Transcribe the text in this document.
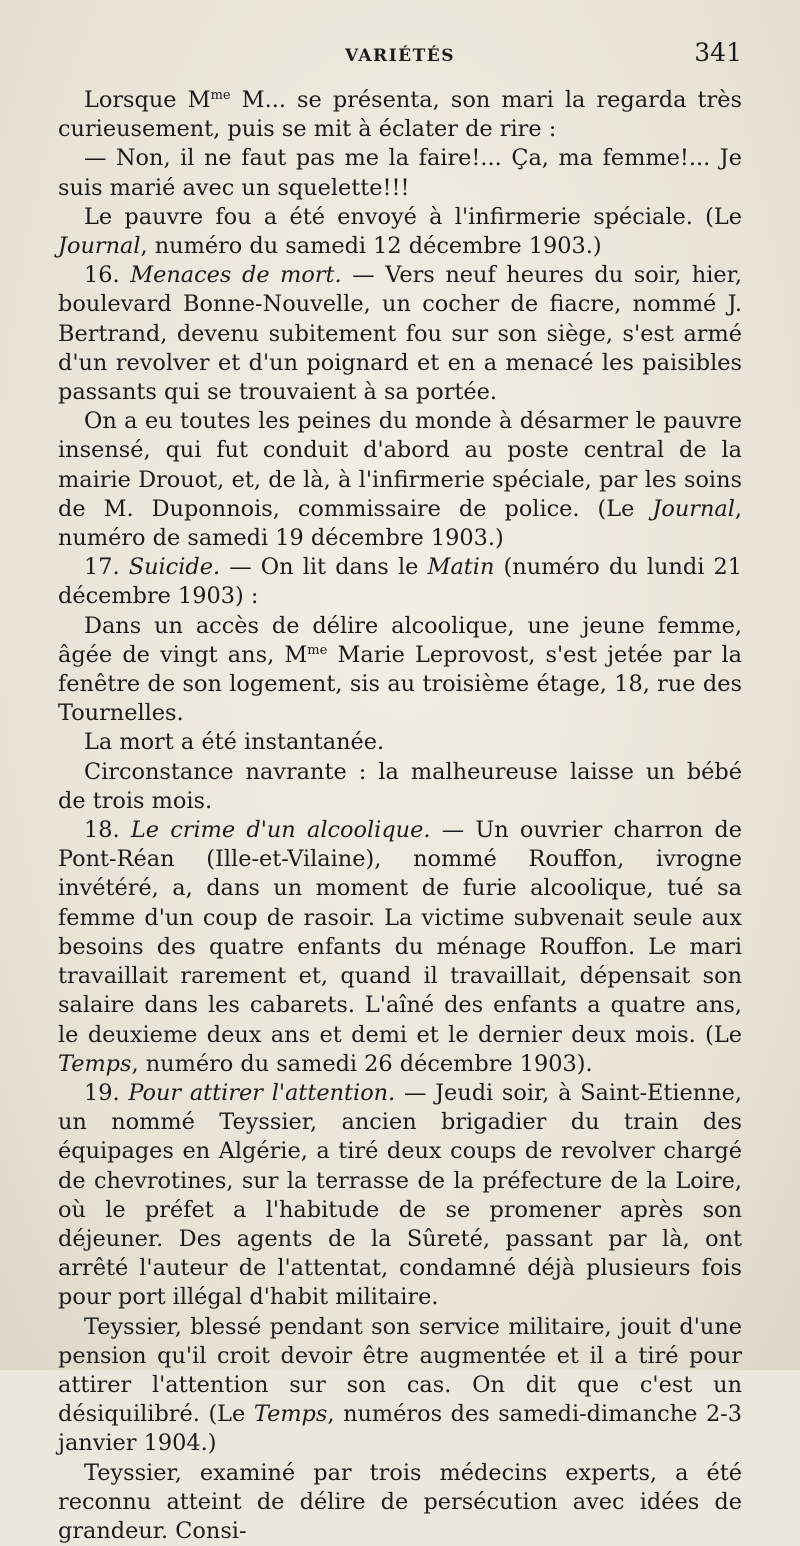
VARIÉTÉS	341

Lorsque $M^{me}$ M... se présenta, son mari la regarda très curieusement, puis se mit à éclater de rire :

— Non, il ne faut pas me la faire!... Ça, ma femme!... Je suis marié avec un squelette!!!

Le pauvre fou a été envoyé à l'infirmerie spéciale. (Le Journal, numéro du samedi 12 décembre 1903.)

16. Menaces de mort. — Vers neuf heures du soir, hier, boulevard Bonne-Nouvelle, un cocher de fiacre, nommé J. Bertrand, devenu subitement fou sur son siège, s'est armé d'un revolver et d'un poignard et en a menacé les paisibles passants qui se trouvaient à sa portée.

On a eu toutes les peines du monde à désarmer le pauvre insensé, qui fut conduit d'abord au poste central de la mairie Drouot, et, de là, à l'infirmerie spéciale, par les soins de M. Duponnois, commissaire de police. (Le Journal, numéro de samedi 19 décembre 1903.)

17. Suicide. — On lit dans le Matin (numéro du lundi 21 décembre 1903) :

Dans un accès de délire alcoolique, une jeune femme, âgée de vingt ans, $M^{me}$ Marie Leprovost, s'est jetée par la fenêtre de son logement, sis au troisième étage, 18, rue des Tournelles.

La mort a été instantanée.

Circonstance navrante : la malheureuse laisse un bébé de trois mois.

18. Le crime d'un alcoolique. — Un ouvrier charron de Pont-Réan (Ille-et-Vilaine), nommé Rouffon, ivrogne invétéré, a, dans un moment de furie alcoolique, tué sa femme d'un coup de rasoir. La victime subvenait seule aux besoins des quatre enfants du ménage Rouffon. Le mari travaillait rarement et, quand il travaillait, dépensait son salaire dans les cabarets. L'aîné des enfants a quatre ans, le deuxieme deux ans et demi et le dernier deux mois. (Le Temps, numéro du samedi 26 décembre 1903).

19. Pour attirer l'attention. — Jeudi soir, à Saint-Etienne, un nommé Teyssier, ancien brigadier du train des équipages en Algérie, a tiré deux coups de revolver chargé de chevrotines, sur la terrasse de la préfecture de la Loire, où le préfet a l'habitude de se promener après son déjeuner. Des agents de la Sûreté, passant par là, ont arrêté l'auteur de l'attentat, condamné déjà plusieurs fois pour port illégal d'habit militaire.

Teyssier, blessé pendant son service militaire, jouit d'une pension qu'il croit devoir être augmentée et il a tiré pour attirer l'attention sur son cas. On dit que c'est un désiquilibré. (Le Temps, numéros des samedi-dimanche 2-3 janvier 1904.)

Teyssier, examiné par trois médecins experts, a été reconnu atteint de délire de persécution avec idées de grandeur. Consi-
